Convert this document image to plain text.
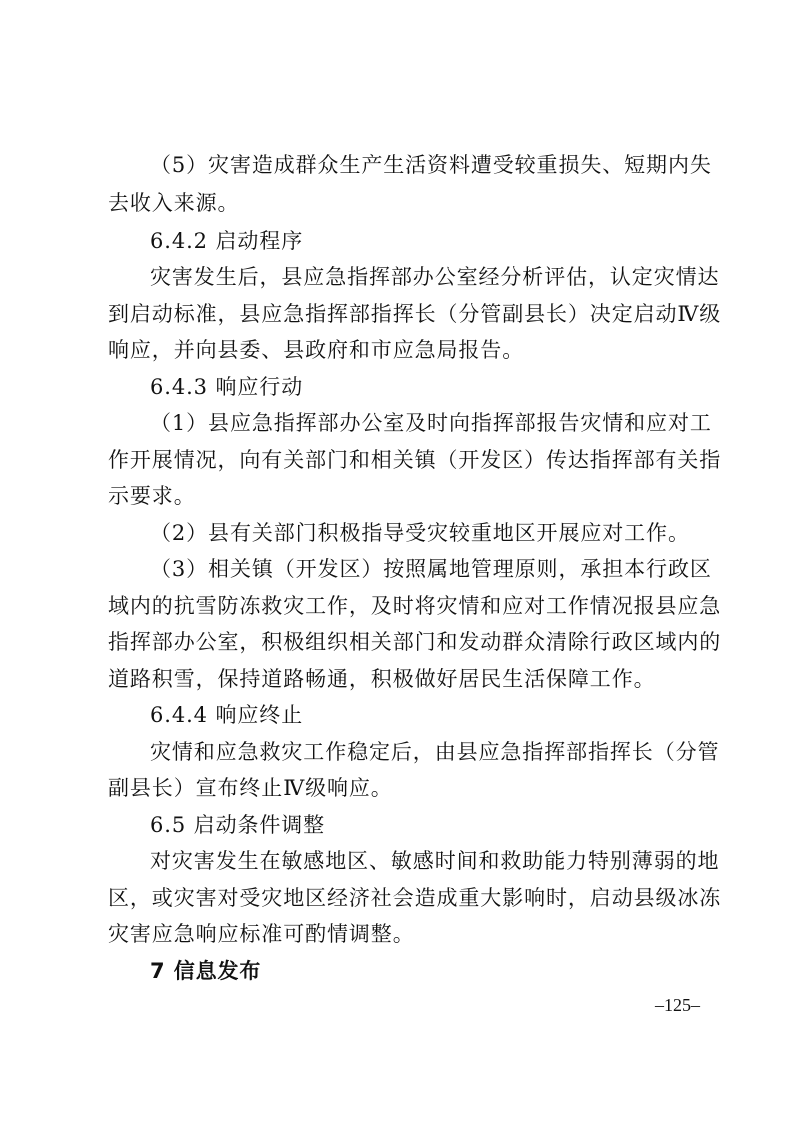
（5）灾害造成群众生产生活资料遭受较重损失、短期内失
去收入来源。
6.4.2 启动程序
灾害发生后，县应急指挥部办公室经分析评估，认定灾情达
到启动标准，县应急指挥部指挥长（分管副县长）决定启动Ⅳ级
响应，并向县委、县政府和市应急局报告。
6.4.3 响应行动
（1）县应急指挥部办公室及时向指挥部报告灾情和应对工
作开展情况，向有关部门和相关镇（开发区）传达指挥部有关指
示要求。
（2）县有关部门积极指导受灾较重地区开展应对工作。
（3）相关镇（开发区）按照属地管理原则，承担本行政区
域内的抗雪防冻救灾工作，及时将灾情和应对工作情况报县应急
指挥部办公室，积极组织相关部门和发动群众清除行政区域内的
道路积雪，保持道路畅通，积极做好居民生活保障工作。
6.4.4 响应终止
灾情和应急救灾工作稳定后，由县应急指挥部指挥长（分管
副县长）宣布终止Ⅳ级响应。
6.5 启动条件调整
对灾害发生在敏感地区、敏感时间和救助能力特别薄弱的地
区，或灾害对受灾地区经济社会造成重大影响时，启动县级冰冻
灾害应急响应标准可酌情调整。
7 信息发布
–125–
